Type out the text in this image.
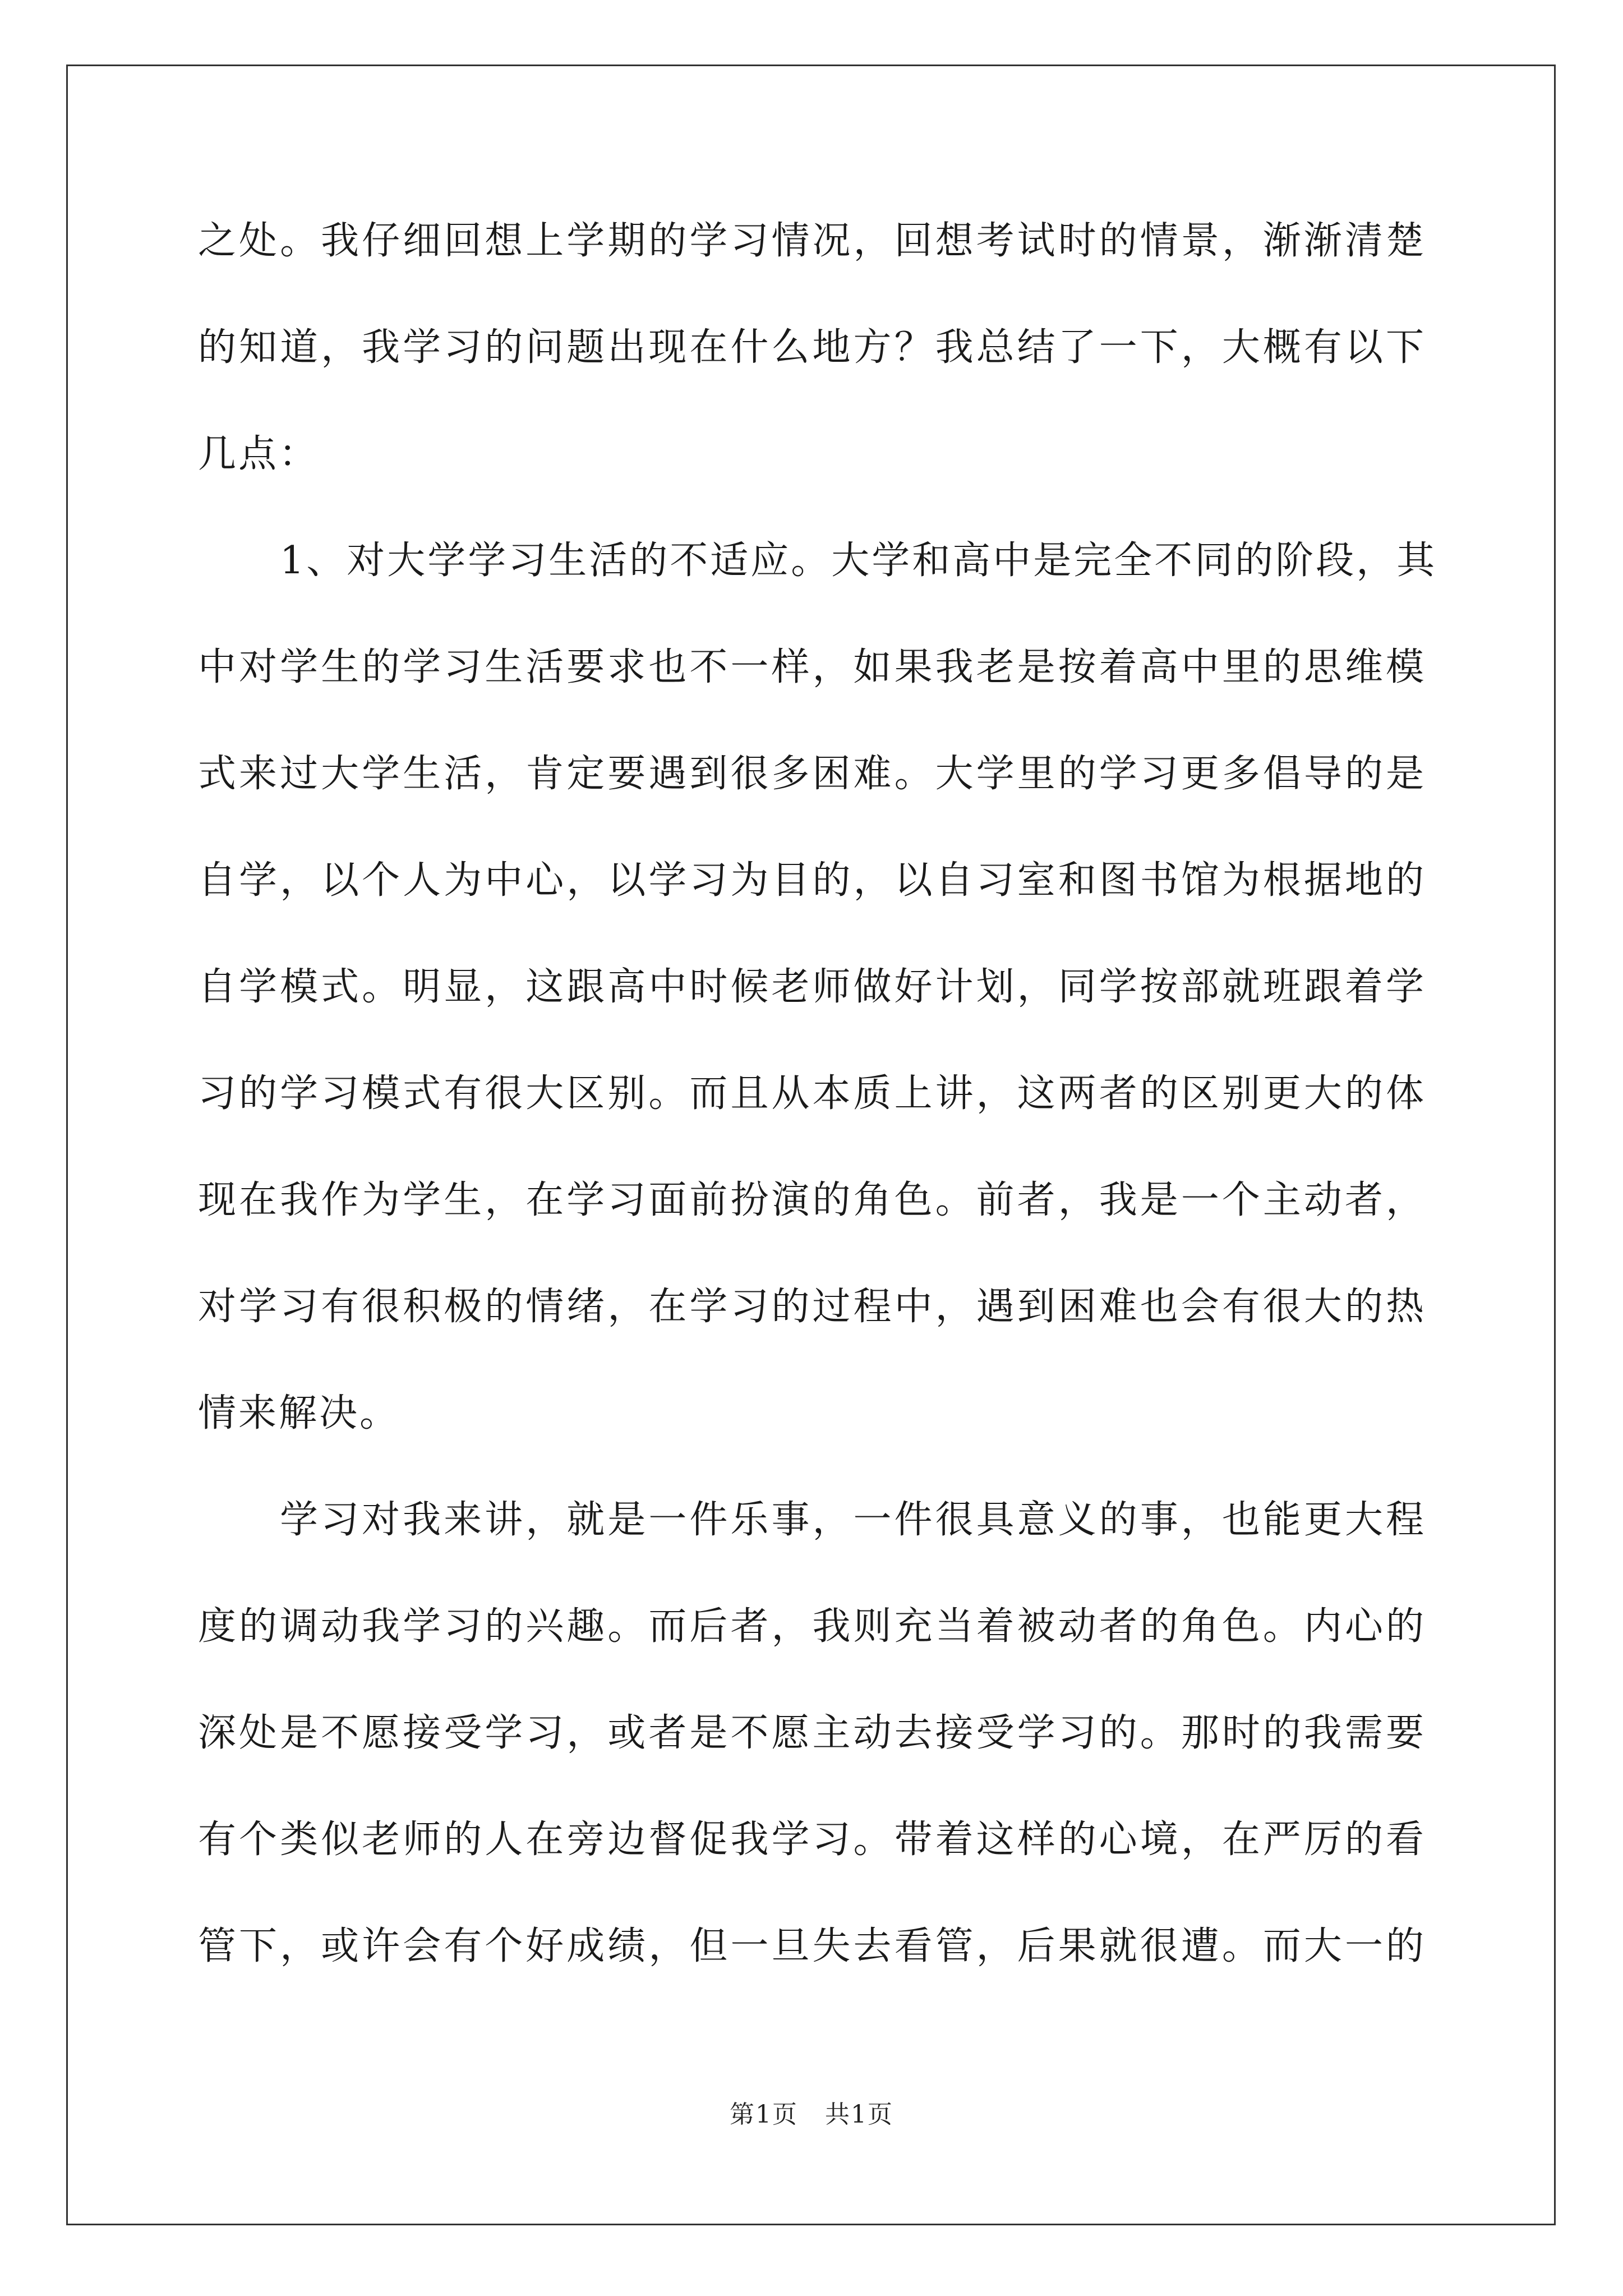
之处。我仔细回想上学期的学习情况，回想考试时的情景，渐渐清楚
的知道，我学习的问题出现在什么地方？我总结了一下，大概有以下
几点：
1、对大学学习生活的不适应。大学和高中是完全不同的阶段，其
中对学生的学习生活要求也不一样，如果我老是按着高中里的思维模
式来过大学生活，肯定要遇到很多困难。大学里的学习更多倡导的是
自学，以个人为中心，以学习为目的，以自习室和图书馆为根据地的
自学模式。明显，这跟高中时候老师做好计划，同学按部就班跟着学
习的学习模式有很大区别。而且从本质上讲，这两者的区别更大的体
现在我作为学生，在学习面前扮演的角色。前者，我是一个主动者，
对学习有很积极的情绪，在学习的过程中，遇到困难也会有很大的热
情来解决。
学习对我来讲，就是一件乐事，一件很具意义的事，也能更大程
度的调动我学习的兴趣。而后者，我则充当着被动者的角色。内心的
深处是不愿接受学习，或者是不愿主动去接受学习的。那时的我需要
有个类似老师的人在旁边督促我学习。带着这样的心境，在严厉的看
管下，或许会有个好成绩，但一旦失去看管，后果就很遭。而大一的
第1页 共1页
